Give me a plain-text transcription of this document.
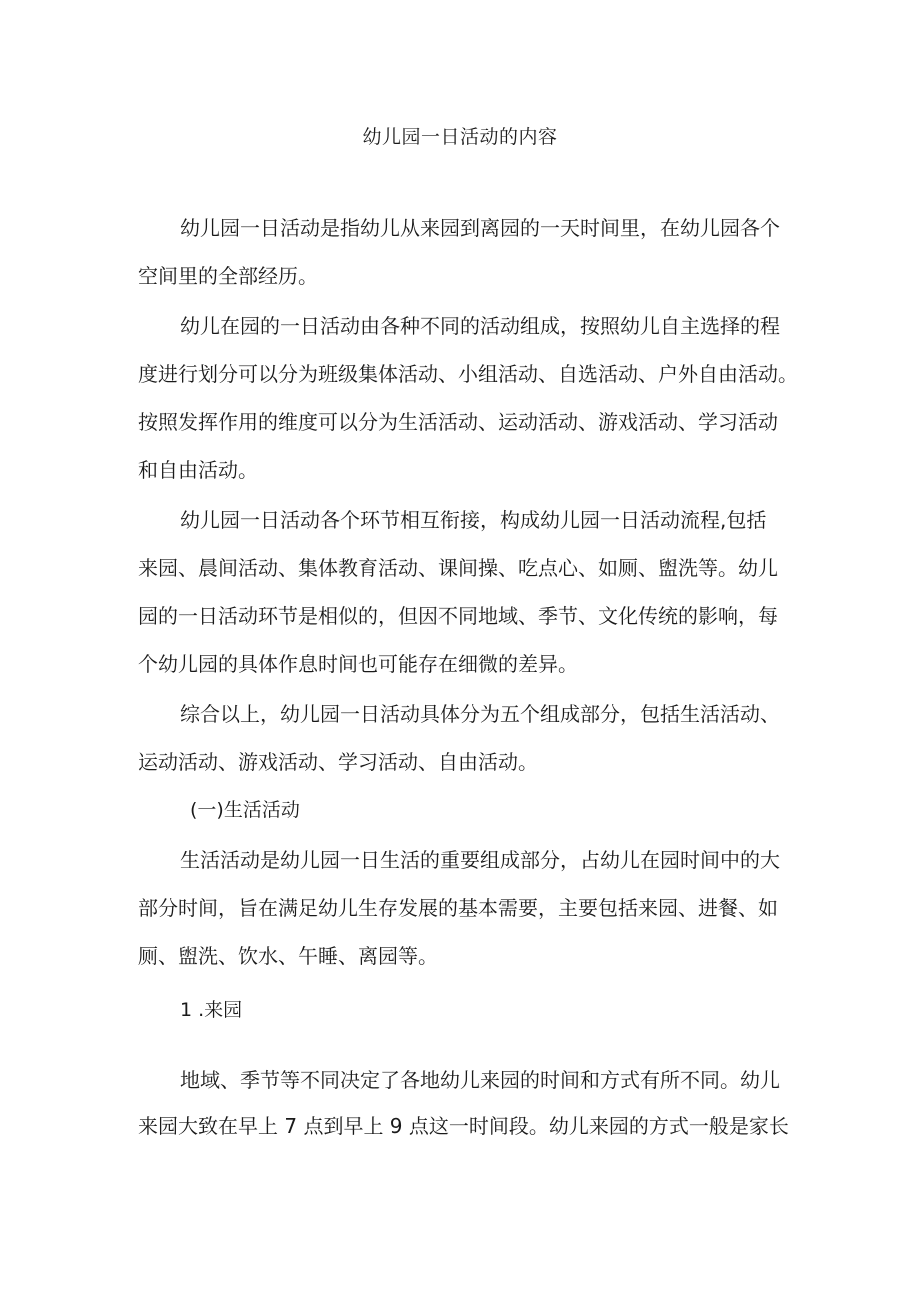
幼儿园一日活动的内容
幼儿园一日活动是指幼儿从来园到离园的一天时间里，在幼儿园各个
空间里的全部经历。
幼儿在园的一日活动由各种不同的活动组成，按照幼儿自主选择的程
度进行划分可以分为班级集体活动、小组活动、自选活动、户外自由活动。
按照发挥作用的维度可以分为生活活动、运动活动、游戏活动、学习活动
和自由活动。
幼儿园一日活动各个环节相互衔接，构成幼儿园一日活动流程,包括
来园、晨间活动、集体教育活动、课间操、吃点心、如厕、盥洗等。幼儿
园的一日活动环节是相似的，但因不同地域、季节、文化传统的影响，每
个幼儿园的具体作息时间也可能存在细微的差异。
综合以上，幼儿园一日活动具体分为五个组成部分，包括生活活动、
运动活动、游戏活动、学习活动、自由活动。
(一)生活活动
生活活动是幼儿园一日生活的重要组成部分，占幼儿在园时间中的大
部分时间，旨在满足幼儿生存发展的基本需要，主要包括来园、进餐、如
厕、盥洗、饮水、午睡、离园等。
1 .来园
地域、季节等不同决定了各地幼儿来园的时间和方式有所不同。幼儿
来园大致在早上 7 点到早上 9 点这一时间段。幼儿来园的方式一般是家长
